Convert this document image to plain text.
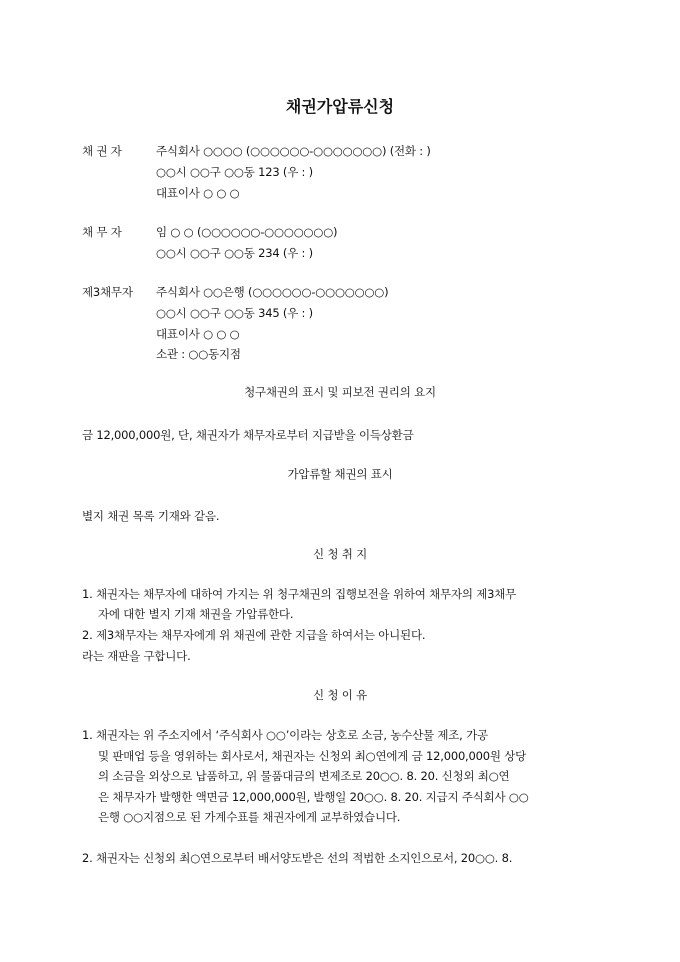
채권가압류신청
채 권 자	주식회사 ○○○○ (○○○○○○-○○○○○○○) (전화 : )
○○시 ○○구 ○○동 123 (우 : )
대표이사 ○ ○ ○
채 무 자	임 ○ ○ (○○○○○○-○○○○○○○)
○○시 ○○구 ○○동 234 (우 : )
제3채무자 주식회사 ○○은행 (○○○○○○-○○○○○○○)
○○시 ○○구 ○○동 345 (우 : )
대표이사 ○ ○ ○
소관 : ○○동지점
청구채권의 표시 및 피보전 권리의 요지
금 12,000,000원, 단, 채권자가 채무자로부터 지급받을 이득상환금
가압류할 채권의 표시
별지 채권 목록 기재와 같음.
신 청 취 지
1. 채권자는 채무자에 대하여 가지는 위 청구채권의 집행보전을 위하여 채무자의 제3채무
자에 대한 별지 기재 채권을 가압류한다.
2. 제3채무자는 채무자에게 위 채권에 관한 지급을 하여서는 아니된다.
라는 재판을 구합니다.
신 청 이 유
1. 채권자는 위 주소지에서 ‘주식회사 ○○’이라는 상호로 소금, 농수산물 제조, 가공
및 판매업 등을 영위하는 회사로서, 채권자는 신청외 최○연에게 금 12,000,000원 상당
의 소금을 외상으로 납품하고, 위 물품대금의 변제조로 20○○. 8. 20. 신청외 최○연
은 채무자가 발행한 액면금 12,000,000원, 발행일 20○○. 8. 20. 지급지 주식회사 ○○
은행 ○○지점으로 된 가계수표를 채권자에게 교부하였습니다.
2. 채권자는 신청외 최○연으로부터 배서양도받은 선의 적법한 소지인으로서, 20○○. 8.
